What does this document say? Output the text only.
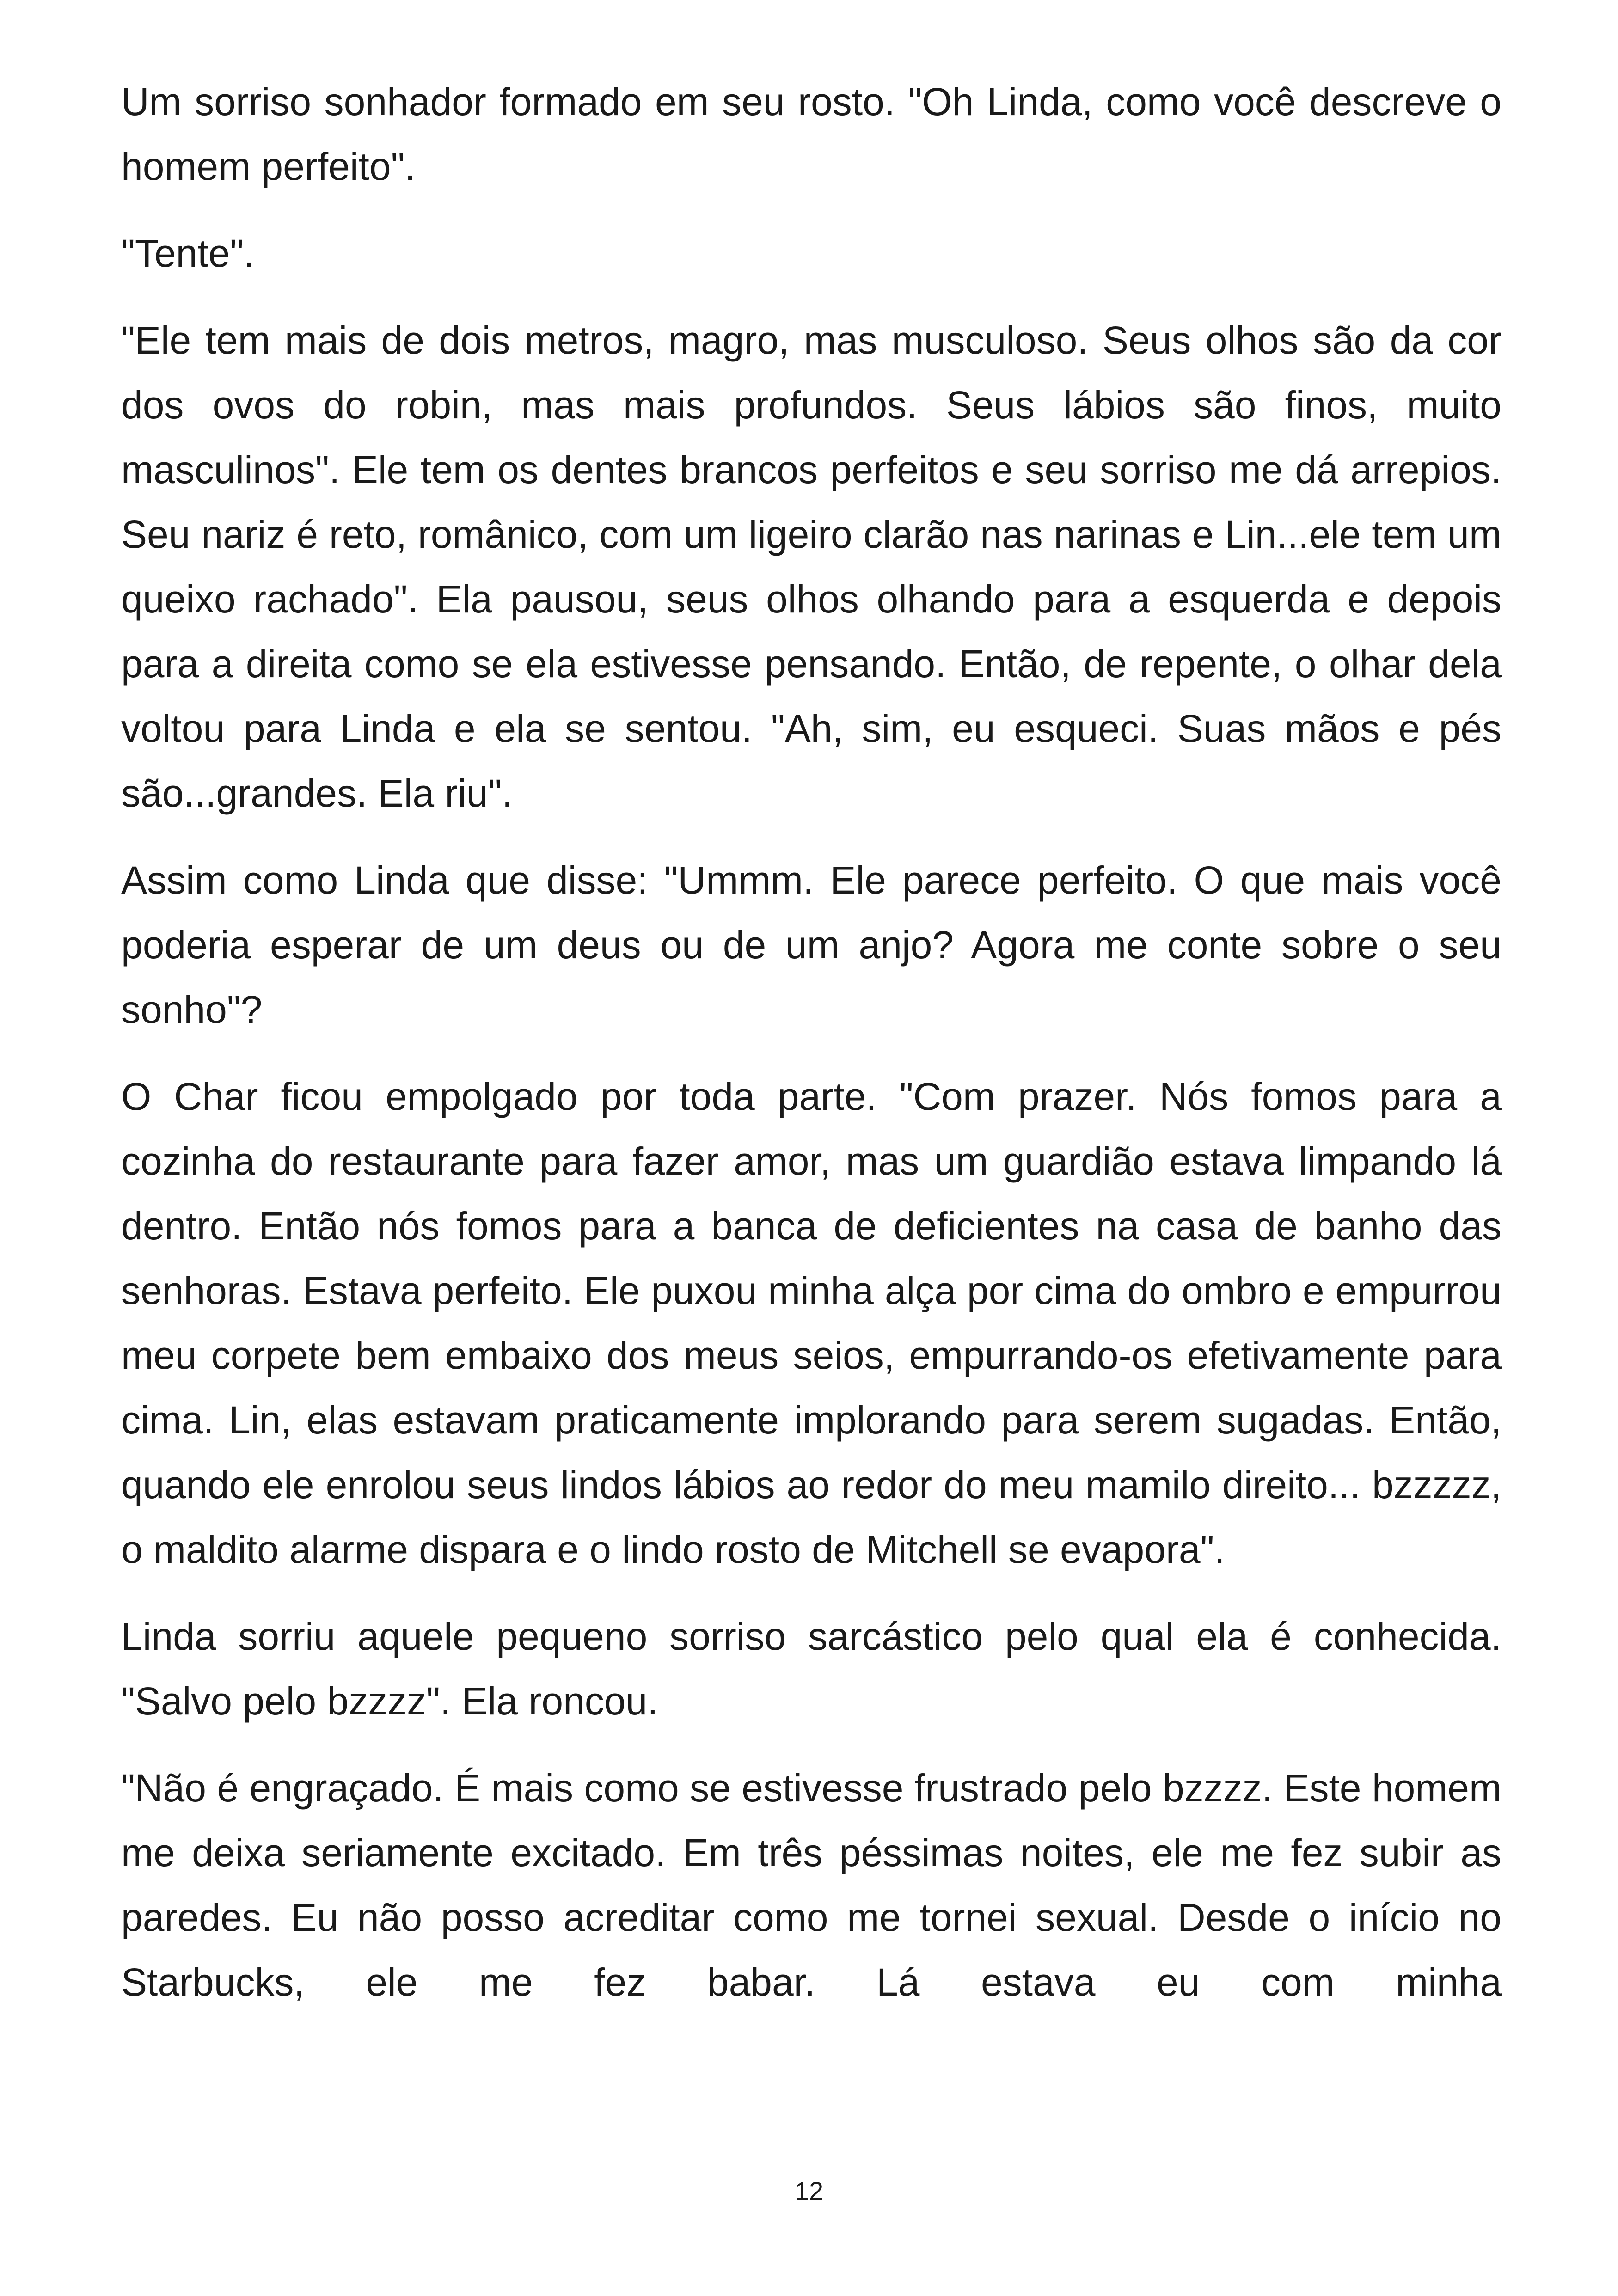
Um sorriso sonhador formado em seu rosto. "Oh Linda, como você descreve o homem perfeito".

"Tente".

"Ele tem mais de dois metros, magro, mas musculoso. Seus olhos são da cor dos ovos do robin, mas mais profundos. Seus lábios são finos, muito masculinos". Ele tem os dentes brancos perfeitos e seu sorriso me dá arrepios. Seu nariz é reto, românico, com um ligeiro clarão nas narinas e Lin...ele tem um queixo rachado". Ela pausou, seus olhos olhando para a esquerda e depois para a direita como se ela estivesse pensando. Então, de repente, o olhar dela voltou para Linda e ela se sentou. "Ah, sim, eu esqueci. Suas mãos e pés são...grandes. Ela riu".

Assim como Linda que disse: "Ummm. Ele parece perfeito. O que mais você poderia esperar de um deus ou de um anjo? Agora me conte sobre o seu sonho"?

O Char ficou empolgado por toda parte. "Com prazer. Nós fomos para a cozinha do restaurante para fazer amor, mas um guardião estava limpando lá dentro. Então nós fomos para a banca de deficientes na casa de banho das senhoras. Estava perfeito. Ele puxou minha alça por cima do ombro e empurrou meu corpete bem embaixo dos meus seios, empurrando-os efetivamente para cima. Lin, elas estavam praticamente implorando para serem sugadas. Então, quando ele enrolou seus lindos lábios ao redor do meu mamilo direito... bzzzzz, o maldito alarme dispara e o lindo rosto de Mitchell se evapora".

Linda sorriu aquele pequeno sorriso sarcástico pelo qual ela é conhecida. "Salvo pelo bzzzz". Ela roncou.

"Não é engraçado. É mais como se estivesse frustrado pelo bzzzz. Este homem me deixa seriamente excitado. Em três péssimas noites, ele me fez subir as paredes. Eu não posso acreditar como me tornei sexual. Desde o início no Starbucks, ele me fez babar. Lá estava eu com minha

12
